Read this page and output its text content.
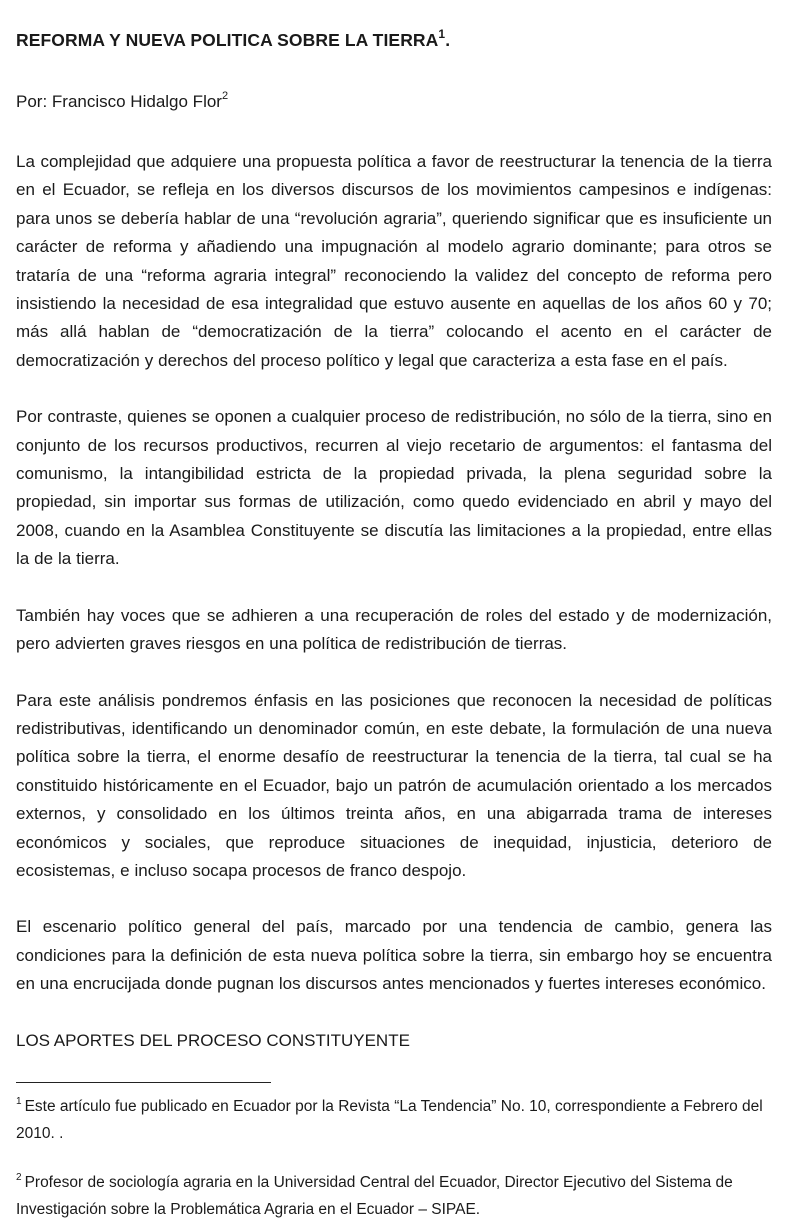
REFORMA Y NUEVA POLITICA SOBRE LA TIERRA$^1$.

Por: Francisco Hidalgo Flor$^2$

La complejidad que adquiere una propuesta política a favor de reestructurar la tenencia de la tierra en el Ecuador, se refleja en los diversos discursos de los movimientos campesinos e indígenas: para unos se debería hablar de una “revolución agraria”, queriendo significar que es insuficiente un carácter de reforma y añadiendo una impugnación al modelo agrario dominante; para otros se trataría de una “reforma agraria integral” reconociendo la validez del concepto de reforma pero insistiendo la necesidad de esa integralidad que estuvo ausente en aquellas de los años 60 y 70; más allá hablan de “democratización de la tierra” colocando el acento en el carácter de democratización y derechos del proceso político y legal que caracteriza a esta fase en el país.

Por contraste, quienes se oponen a cualquier proceso de redistribución, no sólo de la tierra, sino en conjunto de los recursos productivos, recurren al viejo recetario de argumentos: el fantasma del comunismo, la intangibilidad estricta de la propiedad privada, la plena seguridad sobre la propiedad, sin importar sus formas de utilización, como quedo evidenciado en abril y mayo del 2008, cuando en la Asamblea Constituyente se discutía las limitaciones a la propiedad, entre ellas la de la tierra.

También hay voces que se adhieren a una recuperación de roles del estado y de modernización, pero advierten graves riesgos en una política de redistribución de tierras.

Para este análisis pondremos énfasis en las posiciones que reconocen la necesidad de políticas redistributivas, identificando un denominador común, en este debate, la formulación de una nueva política sobre la tierra, el enorme desafío de reestructurar la tenencia de la tierra, tal cual se ha constituido históricamente en el Ecuador, bajo un patrón de acumulación orientado a los mercados externos, y consolidado en los últimos treinta años, en una abigarrada trama de intereses económicos y sociales, que reproduce situaciones de inequidad, injusticia, deterioro de ecosistemas, e incluso socapa procesos de franco despojo.

El escenario político general del país, marcado por una tendencia de cambio, genera las condiciones para la definición de esta nueva política sobre la tierra, sin embargo hoy se encuentra en una encrucijada donde pugnan los discursos antes mencionados y fuertes intereses económico.

LOS APORTES DEL PROCESO CONSTITUYENTE

$^1$ Este artículo fue publicado en Ecuador por la Revista “La Tendencia” No. 10, correspondiente a Febrero del 2010. .

$^2$ Profesor de sociología agraria en la Universidad Central del Ecuador, Director Ejecutivo del Sistema de Investigación sobre la Problemática Agraria en el Ecuador – SIPAE.
